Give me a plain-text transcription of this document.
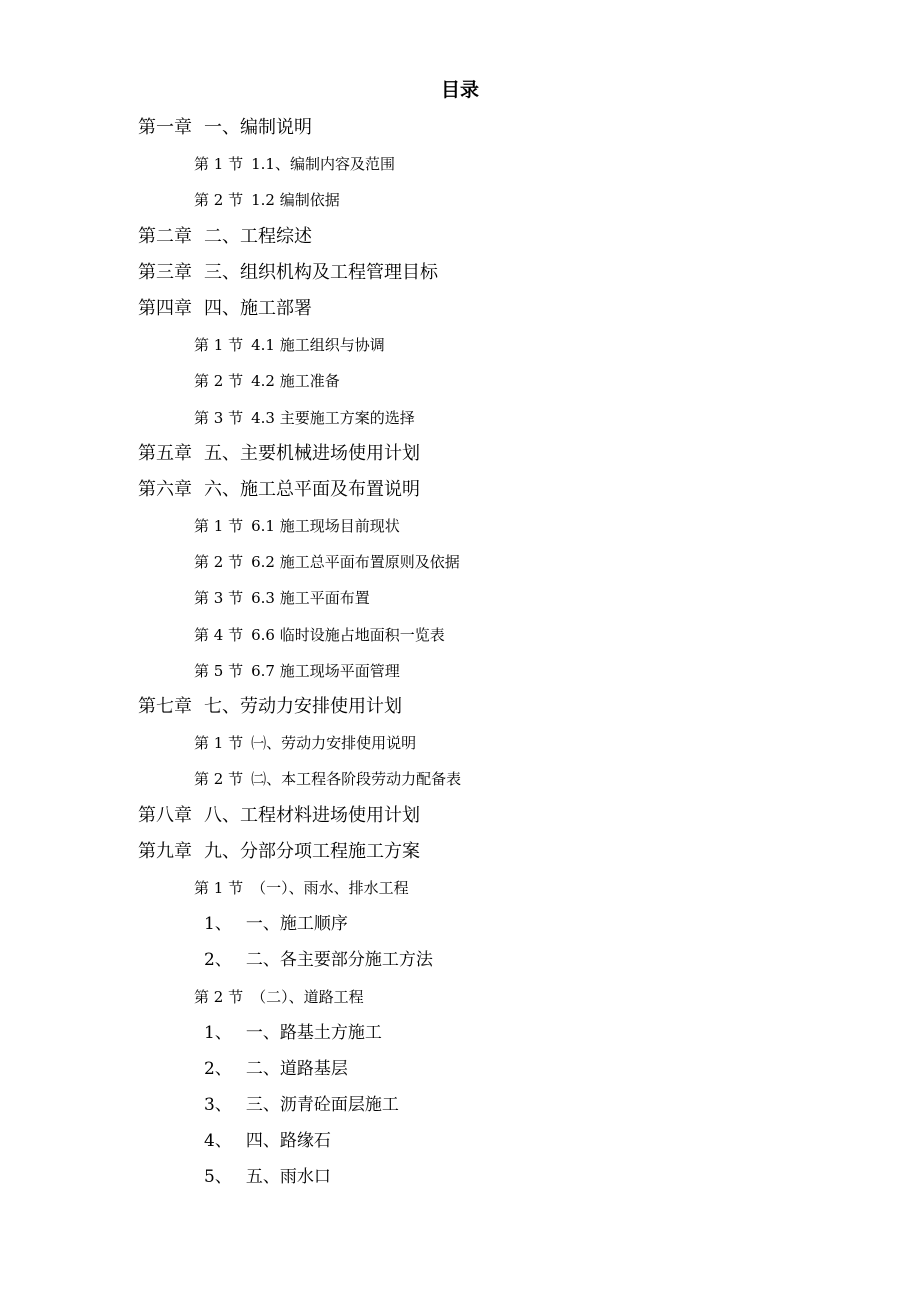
目录
第一章 一、编制说明
第 1 节 1.1、编制内容及范围
第 2 节 1.2 编制依据
第二章 二、工程综述
第三章 三、组织机构及工程管理目标
第四章 四、施工部署
第 1 节 4.1 施工组织与协调
第 2 节 4.2 施工准备
第 3 节 4.3 主要施工方案的选择
第五章 五、主要机械进场使用计划
第六章 六、施工总平面及布置说明
第 1 节 6.1 施工现场目前现状
第 2 节 6.2 施工总平面布置原则及依据
第 3 节 6.3 施工平面布置
第 4 节 6.6 临时设施占地面积一览表
第 5 节 6.7 施工现场平面管理
第七章 七、劳动力安排使用计划
第 1 节 ㈠、劳动力安排使用说明
第 2 节 ㈡、本工程各阶段劳动力配备表
第八章 八、工程材料进场使用计划
第九章 九、分部分项工程施工方案
第 1 节 （一）、雨水、排水工程
1、 一、施工顺序
2、 二、各主要部分施工方法
第 2 节 （二）、道路工程
1、 一、路基土方施工
2、 二、道路基层
3、 三、沥青砼面层施工
4、 四、路缘石
5、 五、雨水口
